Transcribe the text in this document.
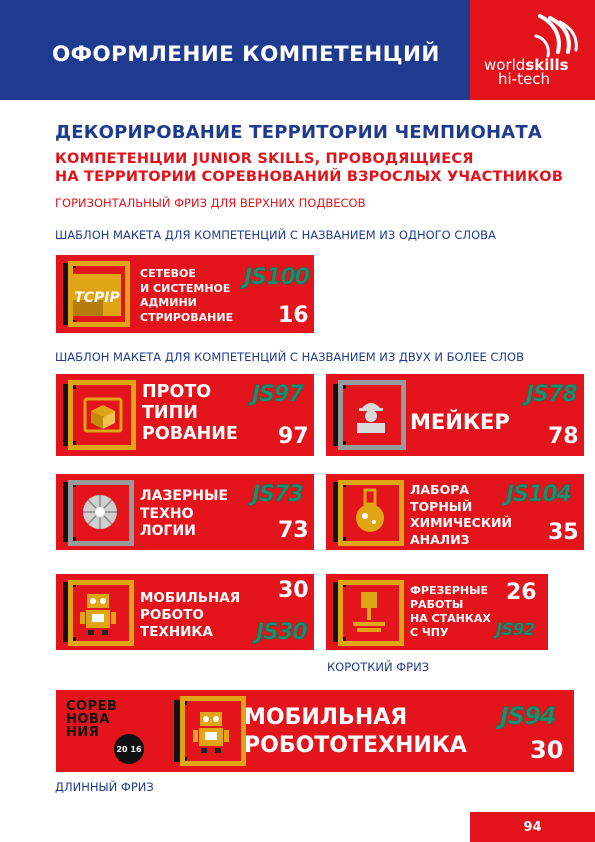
ОФОРМЛЕНИЕ КОМПЕТЕНЦИЙ	worldskills
hi-tech
ДЕКОРИРОВАНИЕ ТЕРРИТОРИИ ЧЕМПИОНАТА
КОМПЕТЕНЦИИ JUNIOR SKILLS, ПРОВОДЯЩИЕСЯ
НА ТЕРРИТОРИИ СОРЕВНОВАНИЙ ВЗРОСЛЫХ УЧАСТНИКОВ
ГОРИЗОНТАЛЬНЫЙ ФРИЗ ДЛЯ ВЕРХНИХ ПОДВЕСОВ
ШАБЛОН МАКЕТА ДЛЯ КОМПЕТЕНЦИЙ С НАЗВАНИЕМ ИЗ ОДНОГО СЛОВА
TCPIP
СЕТЕВОЕ
И СИСТЕМНОЕ
АДМИНИ
СТРИРОВАНИЕ
JS100
16
ШАБЛОН МАКЕТА ДЛЯ КОМПЕТЕНЦИЙ С НАЗВАНИЕМ ИЗ ДВУХ И БОЛЕЕ СЛОВ
ПРОТО
ТИПИ
РОВАНИЕ
JS97
97
МЕЙКЕР
JS78
78
ЛАЗЕРНЫЕ
ТЕХНО
ЛОГИИ
JS73
73
ЛАБОРА
ТОРНЫЙ
ХИМИЧЕСКИЙ
АНАЛИЗ
JS104
35
МОБИЛЬНАЯ
РОБОТО
ТЕХНИКА
30
JS30
ФРЕЗЕРНЫЕ
РАБОТЫ
НА СТАНКАХ
С ЧПУ
26
JS92
КОРОТКИЙ ФРИЗ
СОРЕВ
НОВА
НИЯ
20 16
МОБИЛЬНАЯ
РОБОТОТЕХНИКА
JS94
30
ДЛИННЫЙ ФРИЗ
94
